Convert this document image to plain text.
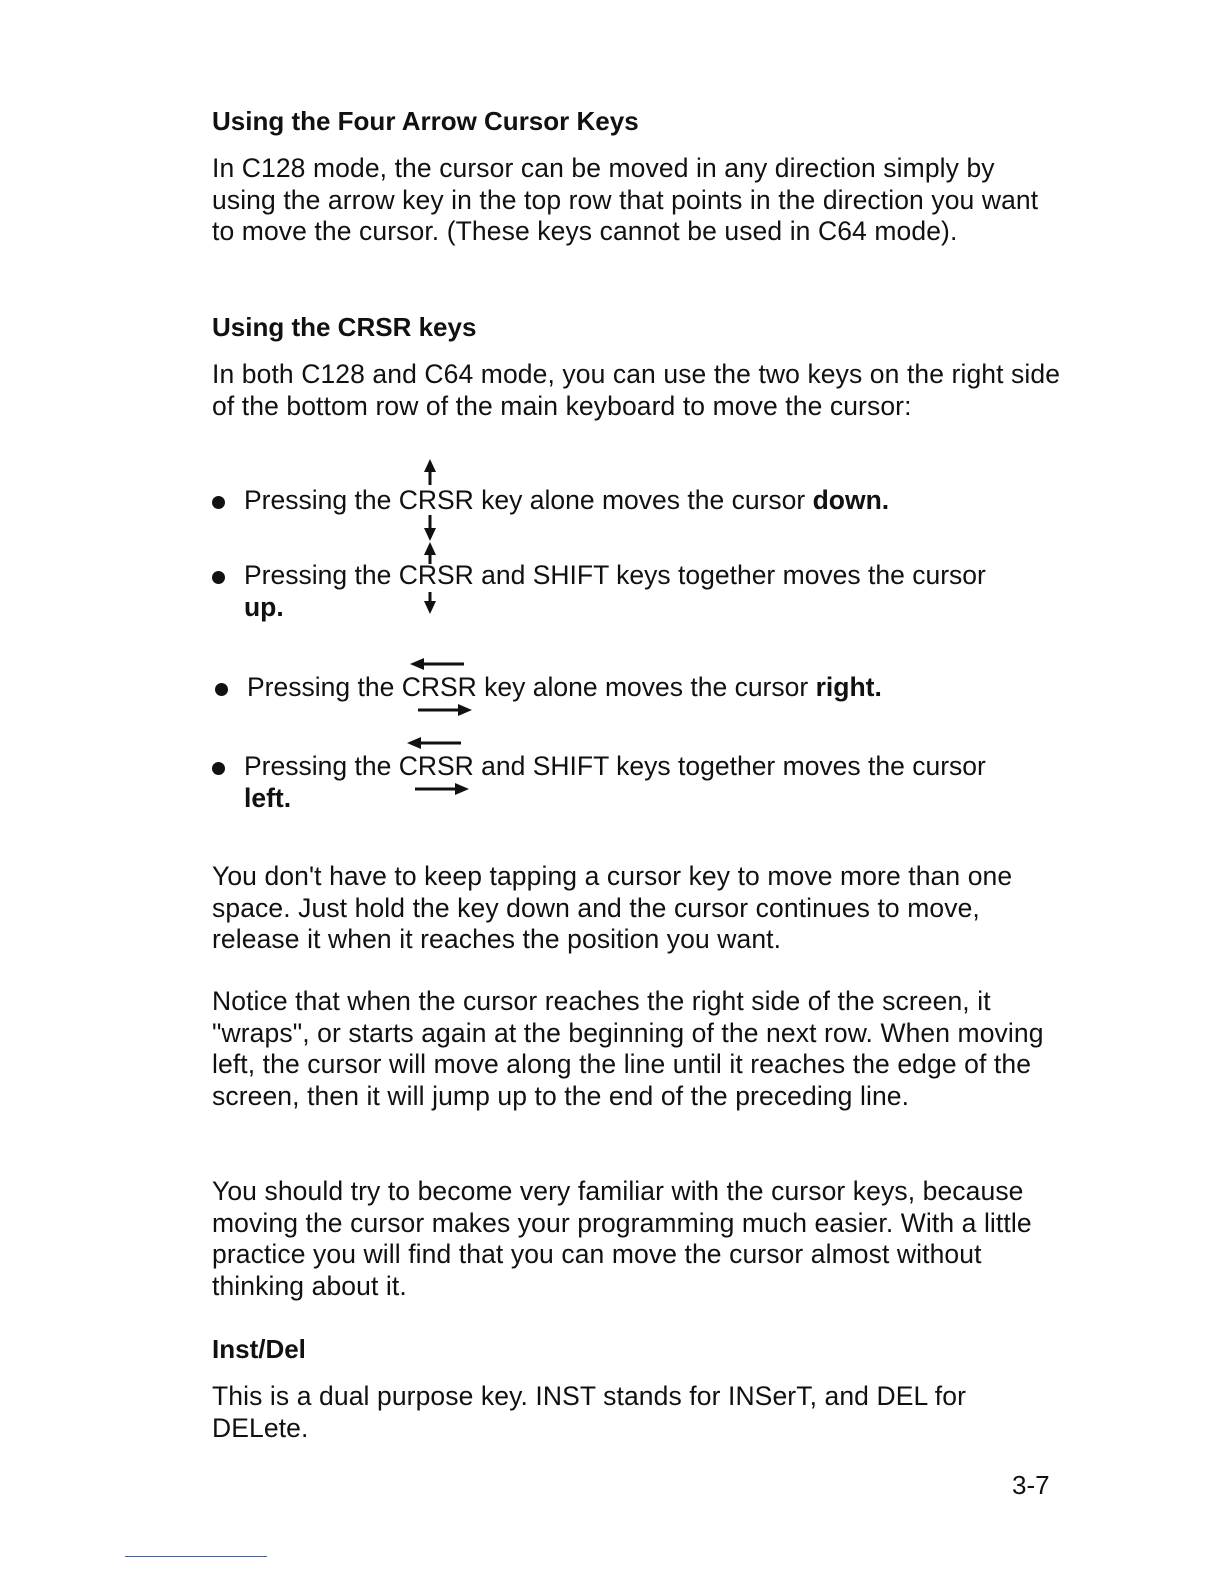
Using the Four Arrow Cursor Keys

In C128 mode, the cursor can be moved in any direction simply by using the arrow key in the top row that points in the direction you want to move the cursor. (These keys cannot be used in C64 mode).

Using the CRSR keys

In both C128 and C64 mode, you can use the two keys on the right side of the bottom row of the main keyboard to move the cursor:

Pressing the CRSR key alone moves the cursor down.
Pressing the CRSR and SHIFT keys together moves the cursor
up.
Pressing the CRSR key alone moves the cursor right.
Pressing the CRSR and SHIFT keys together moves the cursor
left.

You don't have to keep tapping a cursor key to move more than one space. Just hold the key down and the cursor continues to move, release it when it reaches the position you want.

Notice that when the cursor reaches the right side of the screen, it "wraps", or starts again at the beginning of the next row. When moving left, the cursor will move along the line until it reaches the edge of the screen, then it will jump up to the end of the preceding line.

You should try to become very familiar with the cursor keys, because moving the cursor makes your programming much easier. With a little practice you will find that you can move the cursor almost without thinking about it.

Inst/Del

This is a dual purpose key. INST stands for INSerT, and DEL for DELete.

3-7
